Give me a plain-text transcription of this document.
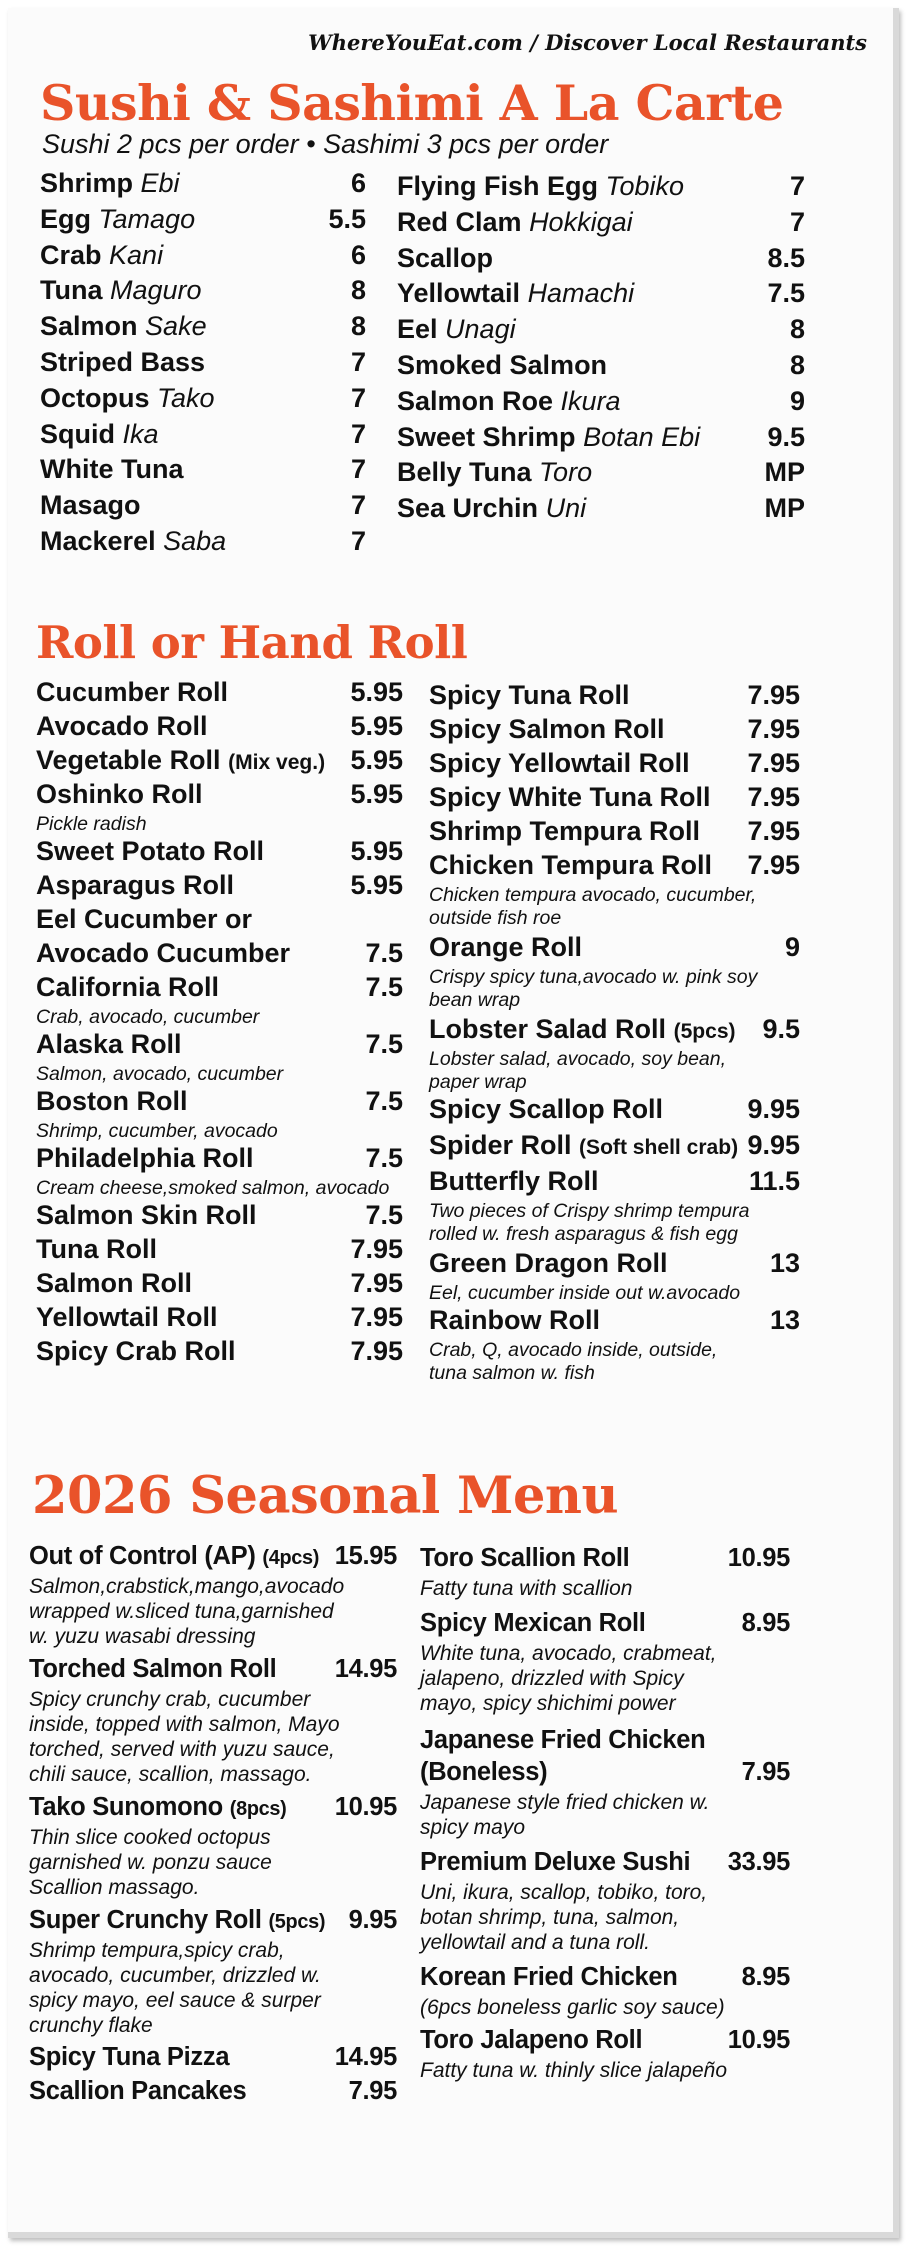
WhereYouEat.com / Discover Local Restaurants
Sushi & Sashimi A La Carte

Sushi 2 pcs per order • Sashimi 3 pcs per order

Shrimp Ebi	6
Egg Tamago	5.5
Crab Kani	6
Tuna Maguro	8
Salmon Sake	8
Striped Bass	7
Octopus Tako	7
Squid Ika	7
White Tuna	7
Masago	7
Mackerel Saba	7
Flying Fish Egg Tobiko	7
Red Clam Hokkigai	7
Scallop	8.5
Yellowtail Hamachi	7.5
Eel Unagi	8
Smoked Salmon	8
Salmon Roe Ikura	9
Sweet Shrimp Botan Ebi 9.5
Belly Tuna Toro	MP
Sea Urchin Uni	MP
Roll or Hand Roll
Cucumber Roll	5.95
Avocado Roll	5.95
Vegetable Roll (Mix veg.) 5.95
Oshinko Roll	5.95
Pickle radish
Sweet Potato Roll	5.95
Asparagus Roll	5.95
Eel Cucumber or
Avocado Cucumber	7.5
California Roll	7.5
Crab, avocado, cucumber
Alaska Roll	7.5
Salmon, avocado, cucumber
Boston Roll	7.5
Shrimp, cucumber, avocado
Philadelphia Roll	7.5
Cream cheese,smoked salmon, avocado
Salmon Skin Roll	7.5
Tuna Roll	7.95
Salmon Roll	7.95
Yellowtail Roll	7.95
Spicy Crab Roll	7.95
Spicy Tuna Roll	7.95
Spicy Salmon Roll	7.95
Spicy Yellowtail Roll 7.95
Spicy White Tuna Roll 7.95
Shrimp Tempura Roll 7.95
Chicken Tempura Roll 7.95
Chicken tempura avocado, cucumber,
outside fish roe
Orange Roll	9
Crispy spicy tuna,avocado w. pink soy
bean wrap
Lobster Salad Roll (5pcs) 9.5
Lobster salad, avocado, soy bean,
paper wrap
Spicy Scallop Roll	9.95
Spider Roll (Soft shell crab) 9.95
Butterfly Roll	11.5
Two pieces of Crispy shrimp tempura
rolled w. fresh asparagus & fish egg
Green Dragon Roll	13
Eel, cucumber inside out w.avocado
Rainbow Roll	13
Crab, Q, avocado inside, outside,
tuna salmon w. fish
2026 Seasonal Menu
Out of Control (AP) (4pcs) 15.95
Salmon,crabstick,mango,avocado
wrapped w.sliced tuna,garnished
w. yuzu wasabi dressing
Torched Salmon Roll 14.95
Spicy crunchy crab, cucumber
inside, topped with salmon, Mayo
torched, served with yuzu sauce,
chili sauce, scallion, massago.
Tako Sunomono (8pcs) 10.95
Thin slice cooked octopus
garnished w. ponzu sauce
Scallion massago.
Super Crunchy Roll (5pcs) 9.95
Shrimp tempura,spicy crab,
avocado, cucumber, drizzled w.
spicy mayo, eel sauce & surper
crunchy flake
Spicy Tuna Pizza	14.95
Scallion Pancakes	7.95
Toro Scallion Roll	10.95
Fatty tuna with scallion
Spicy Mexican Roll	8.95
White tuna, avocado, crabmeat,
jalapeno, drizzled with Spicy
mayo, spicy shichimi power
Japanese Fried Chicken
(Boneless)	7.95
Japanese style fried chicken w.
spicy mayo
Premium Deluxe Sushi 33.95
Uni, ikura, scallop, tobiko, toro,
botan shrimp, tuna, salmon,
yellowtail and a tuna roll.
Korean Fried Chicken	8.95
(6pcs boneless garlic soy sauce)
Toro Jalapeno Roll	10.95
Fatty tuna w. thinly slice jalapeño
